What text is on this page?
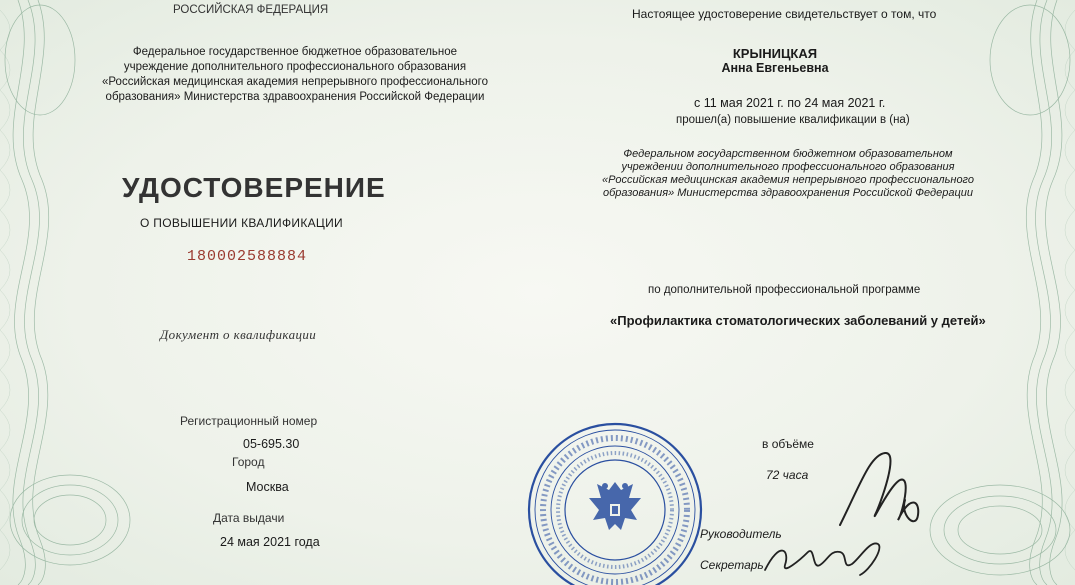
РОССИЙСКАЯ ФЕДЕРАЦИЯ
Федеральное государственное бюджетное образовательное
учреждение дополнительного профессионального образования
«Российская медицинская академия непрерывного профессионального
образования» Министерства здравоохранения Российской Федерации
УДОСТОВЕРЕНИЕ
О ПОВЫШЕНИИ КВАЛИФИКАЦИИ
180002588884
Документ о квалификации
Регистрационный номер
05-695.30
Город
Москва
Дата выдачи
24 мая 2021 года
Настоящее удостоверение свидетельствует о том, что
КРЫНИЦКАЯ
Анна Евгеньевна
с 11 мая 2021 г. по 24 мая 2021 г.
прошел(а) повышение квалификации в (на)
Федеральном государственном бюджетном образовательном
учреждении дополнительного профессионального образования
«Российская медицинская академия непрерывного профессионального
образования» Министерства здравоохранения Российской Федерации
по дополнительной профессиональной программе
«Профилактика стоматологических заболеваний у детей»
в объёме
72 часа
Руководитель
Секретарь
